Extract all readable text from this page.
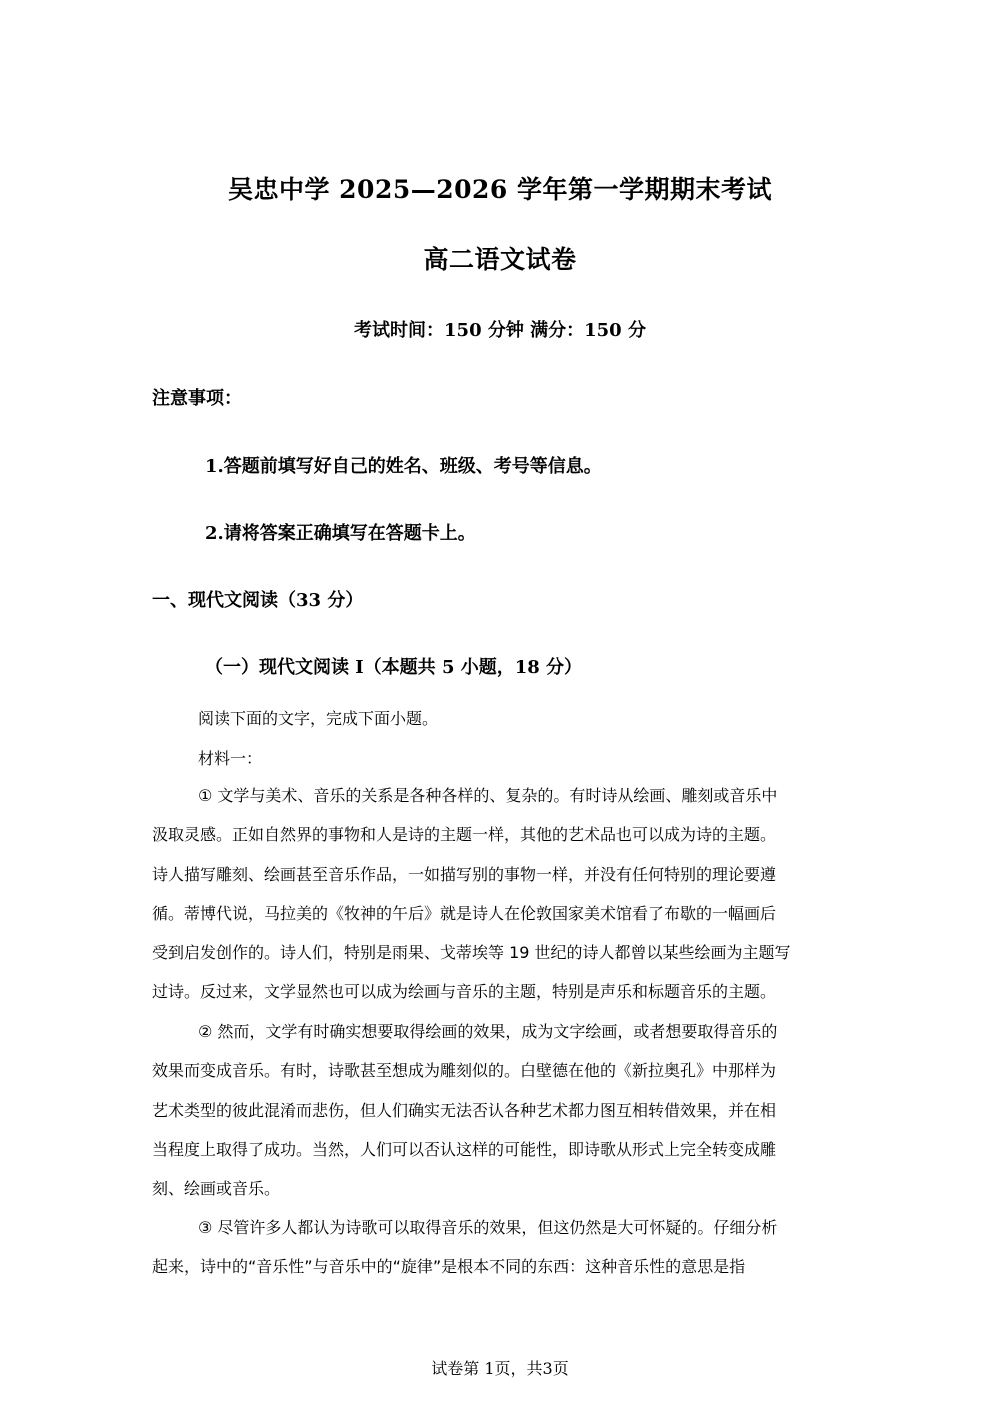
吴忠中学 2025—2026 学年第一学期期末考试
高二语文试卷
考试时间：150 分钟 满分：150 分
注意事项：
1.答题前填写好自己的姓名、班级、考号等信息。
2.请将答案正确填写在答题卡上。
一、现代文阅读（33 分）
（一）现代文阅读 I（本题共 5 小题，18 分）
阅读下面的文字，完成下面小题。
材料一：
① 文学与美术、音乐的关系是各种各样的、复杂的。有时诗从绘画、雕刻或音乐中
汲取灵感。正如自然界的事物和人是诗的主题一样，其他的艺术品也可以成为诗的主题。
诗人描写雕刻、绘画甚至音乐作品，一如描写别的事物一样，并没有任何特别的理论要遵
循。蒂博代说，马拉美的《牧神的午后》就是诗人在伦敦国家美术馆看了布歇的一幅画后
受到启发创作的。诗人们，特别是雨果、戈蒂埃等 19 世纪的诗人都曾以某些绘画为主题写
过诗。反过来，文学显然也可以成为绘画与音乐的主题，特别是声乐和标题音乐的主题。
② 然而，文学有时确实想要取得绘画的效果，成为文字绘画，或者想要取得音乐的
效果而变成音乐。有时，诗歌甚至想成为雕刻似的。白壁德在他的《新拉奥孔》中那样为
艺术类型的彼此混淆而悲伤，但人们确实无法否认各种艺术都力图互相转借效果，并在相
当程度上取得了成功。当然，人们可以否认这样的可能性，即诗歌从形式上完全转变成雕
刻、绘画或音乐。
③ 尽管许多人都认为诗歌可以取得音乐的效果，但这仍然是大可怀疑的。仔细分析
起来，诗中的“音乐性”与音乐中的“旋律”是根本不同的东西：这种音乐性的意思是指
试卷第 1页，共3页
